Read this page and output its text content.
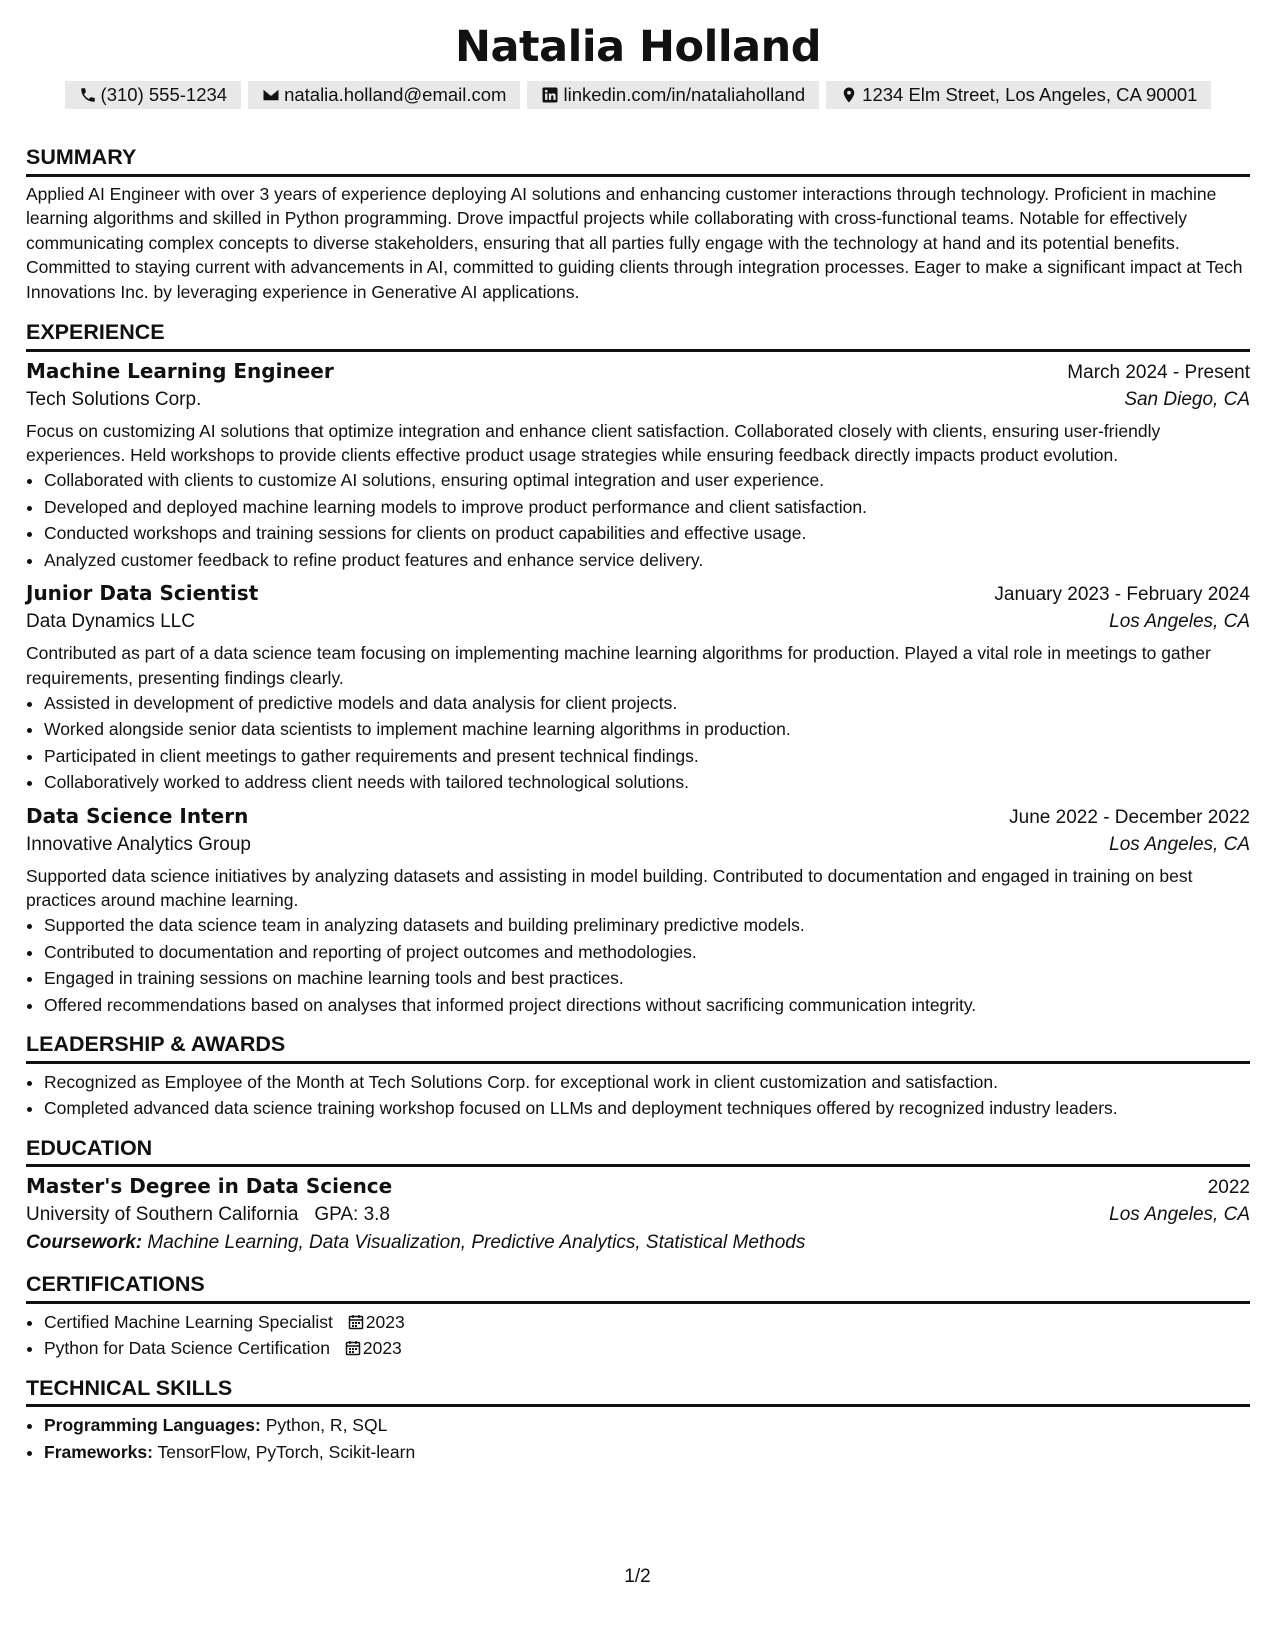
Natalia Holland
(310) 555-1234	natalia.holland@email.com	linkedin.com/in/nataliaholland	1234 Elm Street, Los Angeles, CA 90001
SUMMARY
Applied AI Engineer with over 3 years of experience deploying AI solutions and enhancing customer interactions through technology. Proficient in machine learning algorithms and skilled in Python programming. Drove impactful projects while collaborating with cross-functional teams. Notable for effectively communicating complex concepts to diverse stakeholders, ensuring that all parties fully engage with the technology at hand and its potential benefits. Committed to staying current with advancements in AI, committed to guiding clients through integration processes. Eager to make a significant impact at Tech Innovations Inc. by leveraging experience in Generative AI applications.
EXPERIENCE
Machine Learning Engineer	March 2024 - Present
Tech Solutions Corp.	San Diego, CA
Focus on customizing AI solutions that optimize integration and enhance client satisfaction. Collaborated closely with clients, ensuring user-friendly experiences. Held workshops to provide clients effective product usage strategies while ensuring feedback directly impacts product evolution.
• Collaborated with clients to customize AI solutions, ensuring optimal integration and user experience.
• Developed and deployed machine learning models to improve product performance and client satisfaction.
• Conducted workshops and training sessions for clients on product capabilities and effective usage.
• Analyzed customer feedback to refine product features and enhance service delivery.
Junior Data Scientist	January 2023 - February 2024
Data Dynamics LLC	Los Angeles, CA
Contributed as part of a data science team focusing on implementing machine learning algorithms for production. Played a vital role in meetings to gather requirements, presenting findings clearly.
• Assisted in development of predictive models and data analysis for client projects.
• Worked alongside senior data scientists to implement machine learning algorithms in production.
• Participated in client meetings to gather requirements and present technical findings.
• Collaboratively worked to address client needs with tailored technological solutions.
Data Science Intern	June 2022 - December 2022
Innovative Analytics Group	Los Angeles, CA
Supported data science initiatives by analyzing datasets and assisting in model building. Contributed to documentation and engaged in training on best practices around machine learning.
• Supported the data science team in analyzing datasets and building preliminary predictive models.
• Contributed to documentation and reporting of project outcomes and methodologies.
• Engaged in training sessions on machine learning tools and best practices.
• Offered recommendations based on analyses that informed project directions without sacrificing communication integrity.
LEADERSHIP & AWARDS
• Recognized as Employee of the Month at Tech Solutions Corp. for exceptional work in client customization and satisfaction.
• Completed advanced data science training workshop focused on LLMs and deployment techniques offered by recognized industry leaders.
EDUCATION
Master's Degree in Data Science	2022
University of Southern California GPA: 3.8	Los Angeles, CA
Coursework: Machine Learning, Data Visualization, Predictive Analytics, Statistical Methods
CERTIFICATIONS
• Certified Machine Learning Specialist 2023
• Python for Data Science Certification 2023
TECHNICAL SKILLS
• Programming Languages: Python, R, SQL
• Frameworks: TensorFlow, PyTorch, Scikit-learn
1/2
